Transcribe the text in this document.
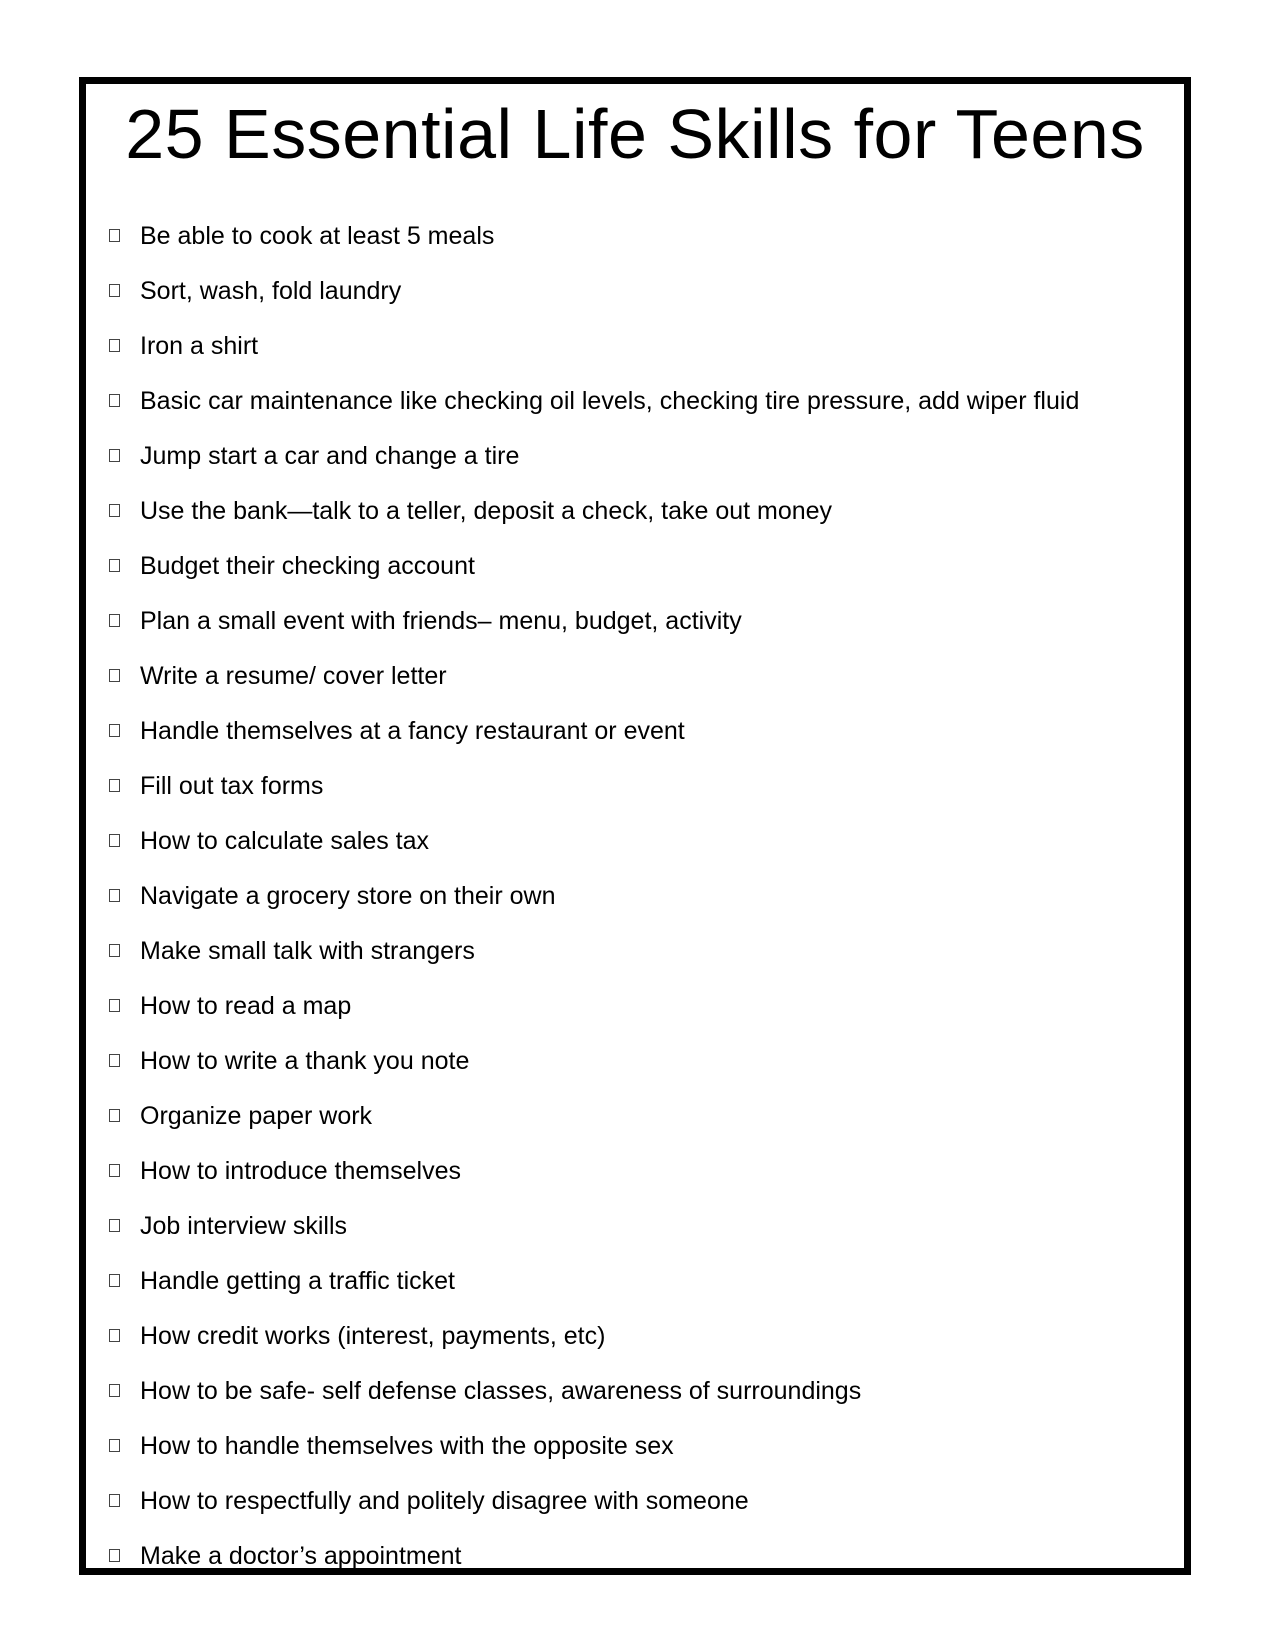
25 Essential Life Skills for Teens
Be able to cook at least 5 meals
Sort, wash, fold laundry
Iron a shirt
Basic car maintenance like checking oil levels, checking tire pressure, add wiper fluid
Jump start a car and change a tire
Use the bank—talk to a teller, deposit a check, take out money
Budget their checking account
Plan a small event with friends– menu, budget, activity
Write a resume/ cover letter
Handle themselves at a fancy restaurant or event
Fill out tax forms
How to calculate sales tax
Navigate a grocery store on their own
Make small talk with strangers
How to read a map
How to write a thank you note
Organize paper work
How to introduce themselves
Job interview skills
Handle getting a traffic ticket
How credit works (interest, payments, etc)
How to be safe- self defense classes, awareness of surroundings
How to handle themselves with the opposite sex
How to respectfully and politely disagree with someone
Make a doctor’s appointment
